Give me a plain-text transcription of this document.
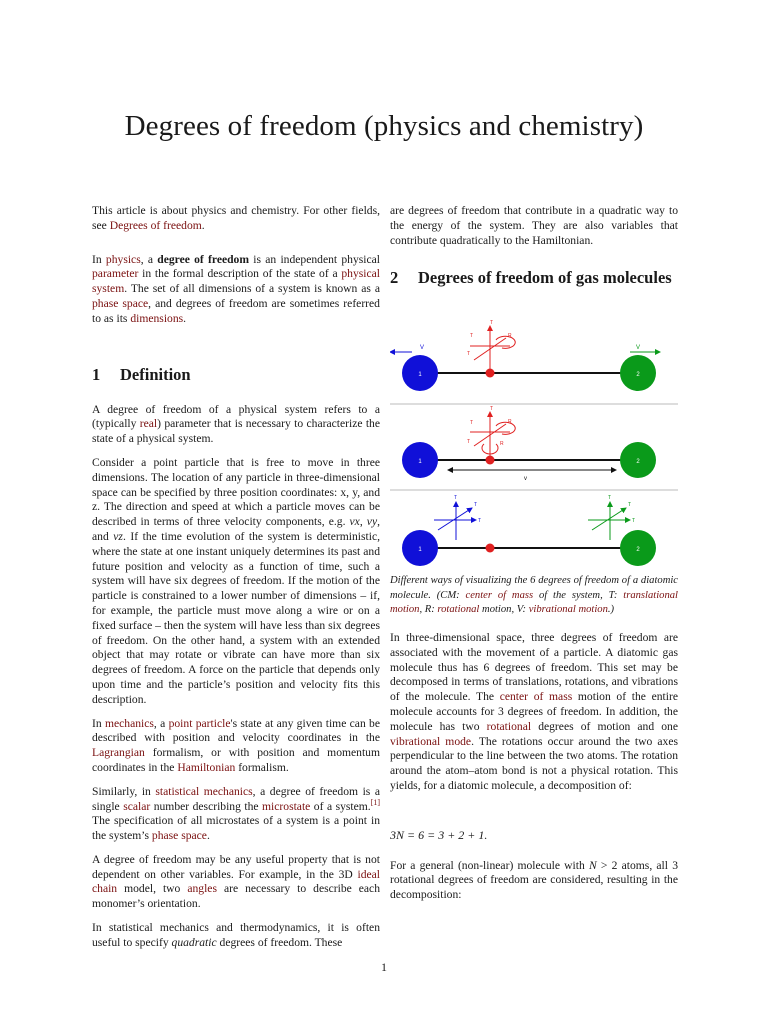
Degrees of freedom (physics and chemistry)

This article is about physics and chemistry. For other fields, see Degrees of freedom.

In physics, a degree of freedom is an independent physical parameter in the formal description of the state of a physical system. The set of all dimensions of a system is known as a phase space, and degrees of freedom are sometimes referred to as its dimensions.

1	Definition

A degree of freedom of a physical system refers to a (typically real) parameter that is necessary to characterize the state of a physical system.

Consider a point particle that is free to move in three dimensions. The location of any particle in three-dimensional space can be specified by three position coordinates: x, y, and z. The direction and speed at which a particle moves can be described in terms of three velocity components, e.g. vx, vy, and vz. If the time evolution of the system is deterministic, where the state at one instant uniquely determines its past and future position and velocity as a function of time, such a system will have six degrees of freedom. If the motion of the particle is constrained to a lower number of dimensions – if, for example, the particle must move along a wire or on a fixed surface – then the system will have less than six degrees of freedom. On the other hand, a system with an extended object that may rotate or vibrate can have more than six degrees of freedom. A force on the particle that depends only upon time and the particle’s position and velocity fits this description.

In mechanics, a point particle's state at any given time can be described with position and velocity coordinates in the Lagrangian formalism, or with position and momentum coordinates in the Hamiltonian formalism.

Similarly, in statistical mechanics, a degree of freedom is a single scalar number describing the microstate of a system.[1] The specification of all microstates of a system is a point in the system’s phase space.

A degree of freedom may be any useful property that is not dependent on other variables. For example, in the 3D ideal chain model, two angles are necessary to describe each monomer’s orientation.

In statistical mechanics and thermodynamics, it is often useful to specify quadratic degrees of freedom. These

are degrees of freedom that contribute in a quadratic way to the energy of the system. They are also variables that contribute quadratically to the Hamiltonian.

2	Degrees of freedom of gas molecules
V	V
1	2
T
T
T
R
v
1	2
T
T
T
R
R
1	2
T
T
T
T
T
T

Different ways of visualizing the 6 degrees of freedom of a diatomic molecule. (CM: center of mass of the system, T: translational motion, R: rotational motion, V: vibrational motion.)

In three-dimensional space, three degrees of freedom are associated with the movement of a particle. A diatomic gas molecule thus has 6 degrees of freedom. This set may be decomposed in terms of translations, rotations, and vibrations of the molecule. The center of mass motion of the entire molecule accounts for 3 degrees of freedom. In addition, the molecule has two rotational degrees of motion and one vibrational mode. The rotations occur around the two axes perpendicular to the line between the two atoms. The rotation around the atom–atom bond is not a physical rotation. This yields, for a diatomic molecule, a decomposition of:

3N = 6 = 3 + 2 + 1.

For a general (non-linear) molecule with N > 2 atoms, all 3 rotational degrees of freedom are considered, resulting in the decomposition:

1
